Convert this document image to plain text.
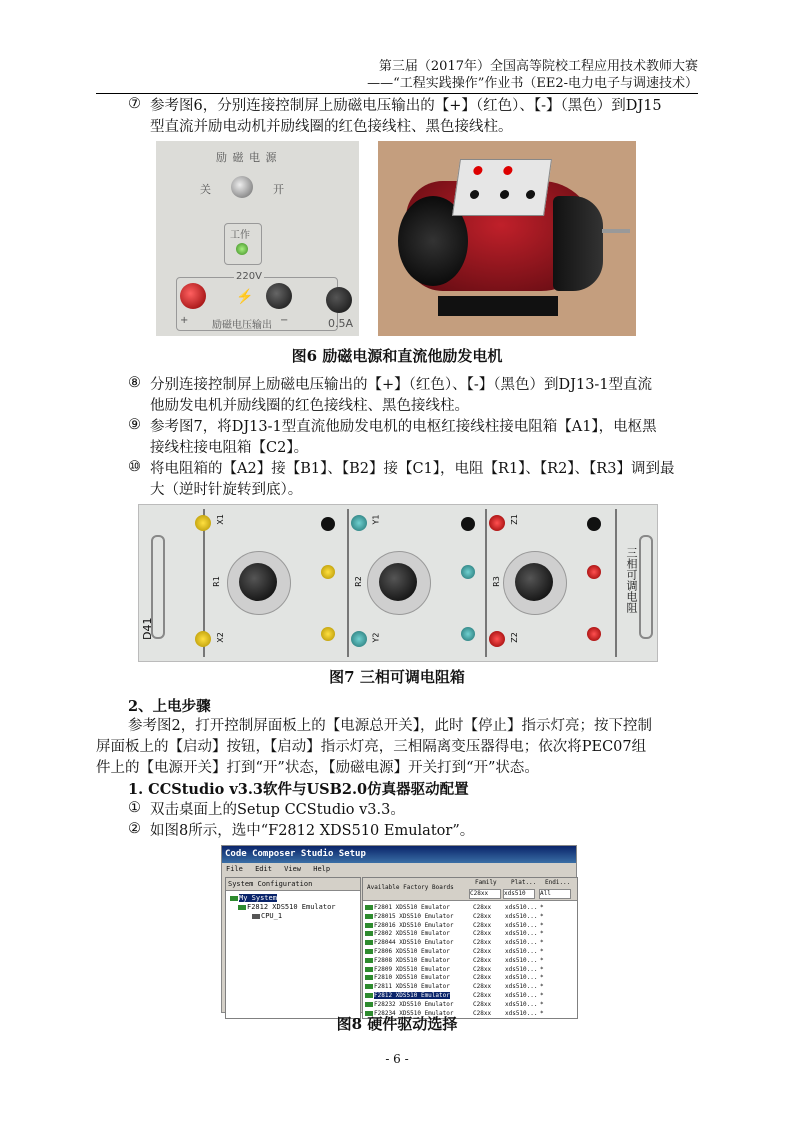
第三届（2017年）全国高等院校工程应用技术教师大赛
——“工程实践操作”作业书（EE2-电力电子与调速技术）
⑦ 参考图6，分别连接控制屏上励磁电压输出的【+】（红色）、【-】（黑色）到DJ15
型直流并励电动机并励线圈的红色接线柱、黑色接线柱。
励 磁 电 源
关	开
工作
220V
⚡
+ 励磁电压输出 −	0.5A
图6 励磁电源和直流他励发电机
⑧ 分别连接控制屏上励磁电压输出的【+】（红色）、【-】（黑色）到DJ13-1型直流
他励发电机并励线圈的红色接线柱、黑色接线柱。
⑨ 参考图7，将DJ13-1型直流他励发电机的电枢红接线柱接电阻箱【A1】，电枢黑
接线柱接电阻箱【C2】。
⑩ 将电阻箱的【A2】接【B1】、【B2】接【C1】，电阻【R1】、【R2】、【R3】调到最
大（逆时针旋转到底）。
D41
X1
X2
R1
Y1
Y2
R2
Z1
Z2
R3	三相可调电阻
图7 三相可调电阻箱
2、上电步骤
参考图2，打开控制屏面板上的【电源总开关】，此时【停止】指示灯亮；按下控制
屏面板上的【启动】按钮，【启动】指示灯亮，三相隔离变压器得电；依次将PEC07组
件上的【电源开关】打到“开”状态，【励磁电源】开关打到“开”状态。
1. CCStudio v3.3软件与USB2.0仿真器驱动配置
① 双击桌面上的Setup CCStudio v3.3。
② 如图8所示，选中“F2812 XDS510 Emulator”。
Code Composer Studio Setup
File Edit View Help
System Configuration
My System
F2812 XDS510 Emulator
CPU_1
Available Factory Boards
Family Plat... Endi...
C28xx	xds510	All
F2801 XDS510 Emulator	C28xx xds510... *
F28015 XDS510 Emulator	C28xx xds510... *
F28016 XDS510 Emulator	C28xx xds510... *
F2802 XDS510 Emulator	C28xx xds510... *
F28044 XDS510 Emulator	C28xx xds510... *
F2806 XDS510 Emulator	C28xx xds510... *
F2808 XDS510 Emulator	C28xx xds510... *
F2809 XDS510 Emulator	C28xx xds510... *
F2810 XDS510 Emulator	C28xx xds510... *
F2811 XDS510 Emulator	C28xx xds510... *
F2812 XDS510 Emulator	C28xx xds510... *
F28232 XDS510 Emulator	C28xx xds510... *
F28234 XDS510 Emulator	C28xx xds510... *
图8 硬件驱动选择
- 6 -
